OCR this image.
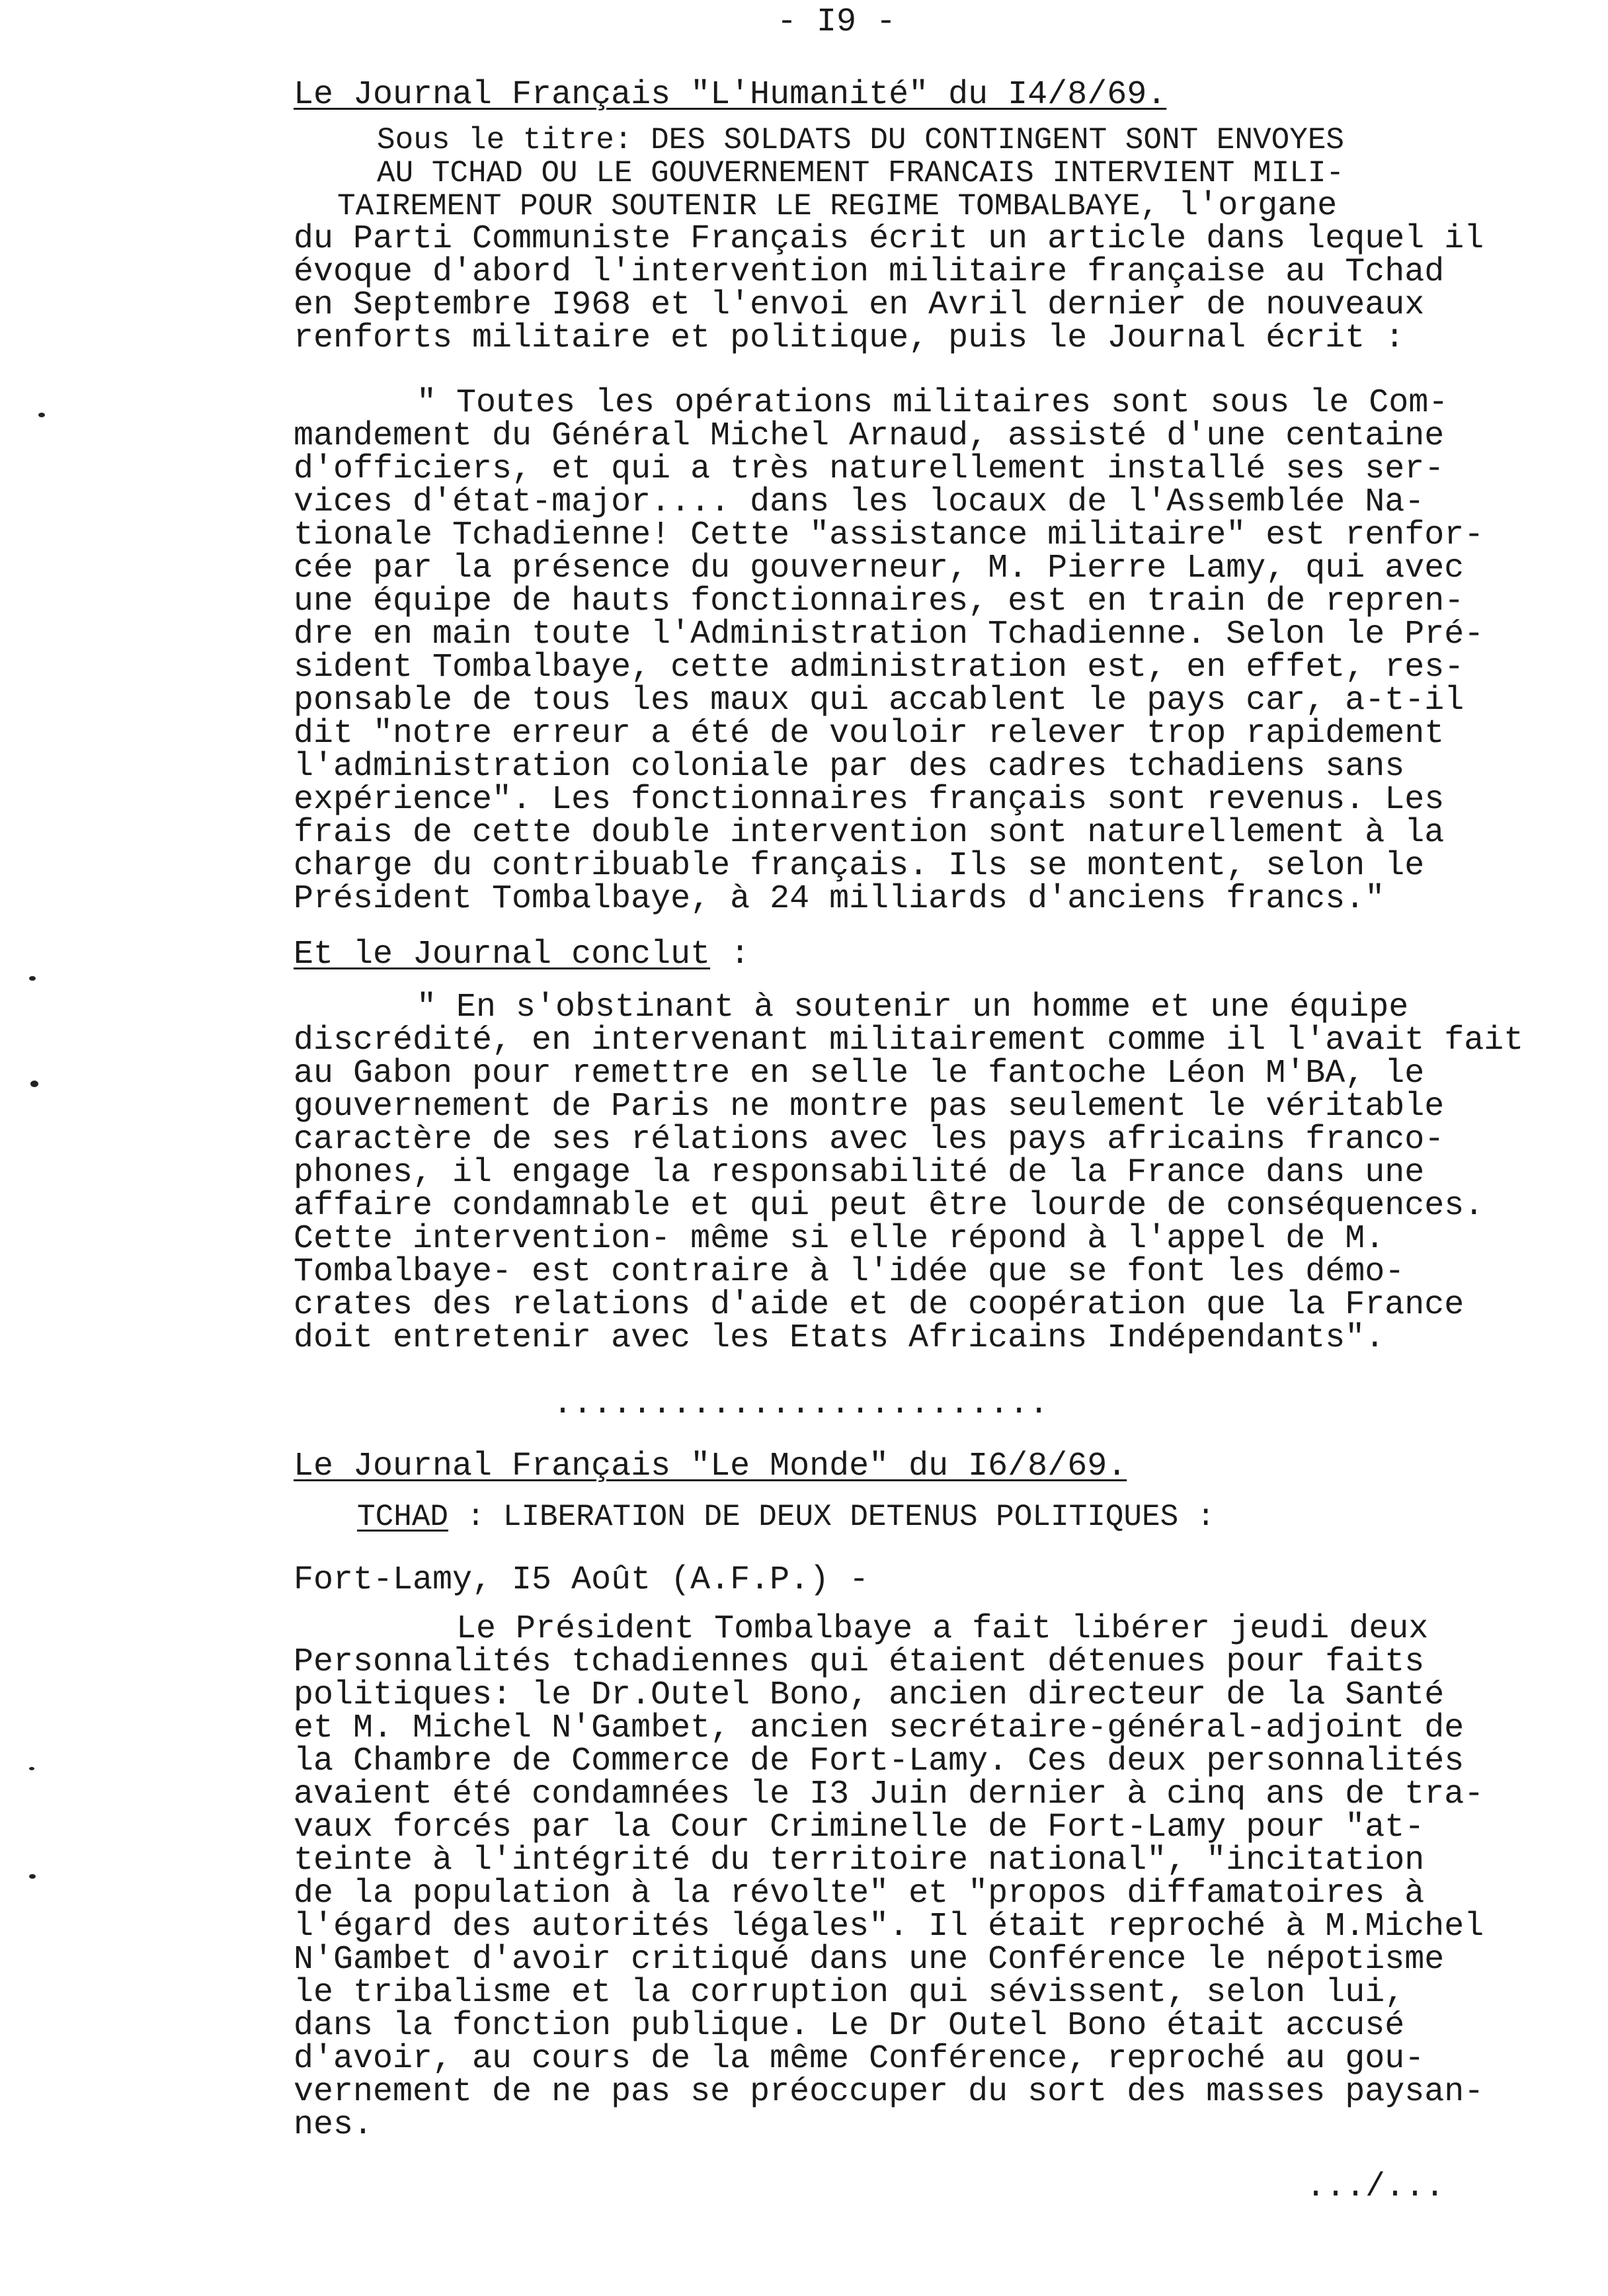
- I9 -
Le Journal Français "L'Humanité" du I4/8/69.
Sous le titre: DES SOLDATS DU CONTINGENT SONT ENVOYES
AU TCHAD OU LE GOUVERNEMENT FRANCAIS INTERVIENT MILI-
TAIREMENT POUR SOUTENIR LE REGIME TOMBALBAYE, l'organe
du Parti Communiste Français écrit un article dans lequel il
évoque d'abord l'intervention militaire française au Tchad
en Septembre I968 et l'envoi en Avril dernier de nouveaux
renforts militaire et politique, puis le Journal écrit :
" Toutes les opérations militaires sont sous le Com-
mandement du Général Michel Arnaud, assisté d'une centaine
d'officiers, et qui a très naturellement installé ses ser-
vices d'état-major.... dans les locaux de l'Assemblée Na-
tionale Tchadienne! Cette "assistance militaire" est renfor-
cée par la présence du gouverneur, M. Pierre Lamy, qui avec
une équipe de hauts fonctionnaires, est en train de repren-
dre en main toute l'Administration Tchadienne. Selon le Pré-
sident Tombalbaye, cette administration est, en effet, res-
ponsable de tous les maux qui accablent le pays car, a-t-il
dit "notre erreur a été de vouloir relever trop rapidement
l'administration coloniale par des cadres tchadiens sans
expérience". Les fonctionnaires français sont revenus. Les
frais de cette double intervention sont naturellement à la
charge du contribuable français. Ils se montent, selon le
Président Tombalbaye, à 24 milliards d'anciens francs."
Et le Journal conclut :
" En s'obstinant à soutenir un homme et une équipe
discrédité, en intervenant militairement comme il l'avait fait
au Gabon pour remettre en selle le fantoche Léon M'BA, le
gouvernement de Paris ne montre pas seulement le véritable
caractère de ses rélations avec les pays africains franco-
phones, il engage la responsabilité de la France dans une
affaire condamnable et qui peut être lourde de conséquences.
Cette intervention- même si elle répond à l'appel de M.
Tombalbaye- est contraire à l'idée que se font les démo-
crates des relations d'aide et de coopération que la France
doit entretenir avec les Etats Africains Indépendants".
.........................
Le Journal Français "Le Monde" du I6/8/69.
TCHAD : LIBERATION DE DEUX DETENUS POLITIQUES :
Fort-Lamy, I5 Août (A.F.P.) -
Le Président Tombalbaye a fait libérer jeudi deux
Personnalités tchadiennes qui étaient détenues pour faits
politiques: le Dr.Outel Bono, ancien directeur de la Santé
et M. Michel N'Gambet, ancien secrétaire-général-adjoint de
la Chambre de Commerce de Fort-Lamy. Ces deux personnalités
avaient été condamnées le I3 Juin dernier à cinq ans de tra-
vaux forcés par la Cour Criminelle de Fort-Lamy pour "at-
teinte à l'intégrité du territoire national", "incitation
de la population à la révolte" et "propos diffamatoires à
l'égard des autorités légales". Il était reproché à M.Michel
N'Gambet d'avoir critiqué dans une Conférence le népotisme
le tribalisme et la corruption qui sévissent, selon lui,
dans la fonction publique. Le Dr Outel Bono était accusé
d'avoir, au cours de la même Conférence, reproché au gou-
vernement de ne pas se préoccuper du sort des masses paysan-
nes.
.../...
